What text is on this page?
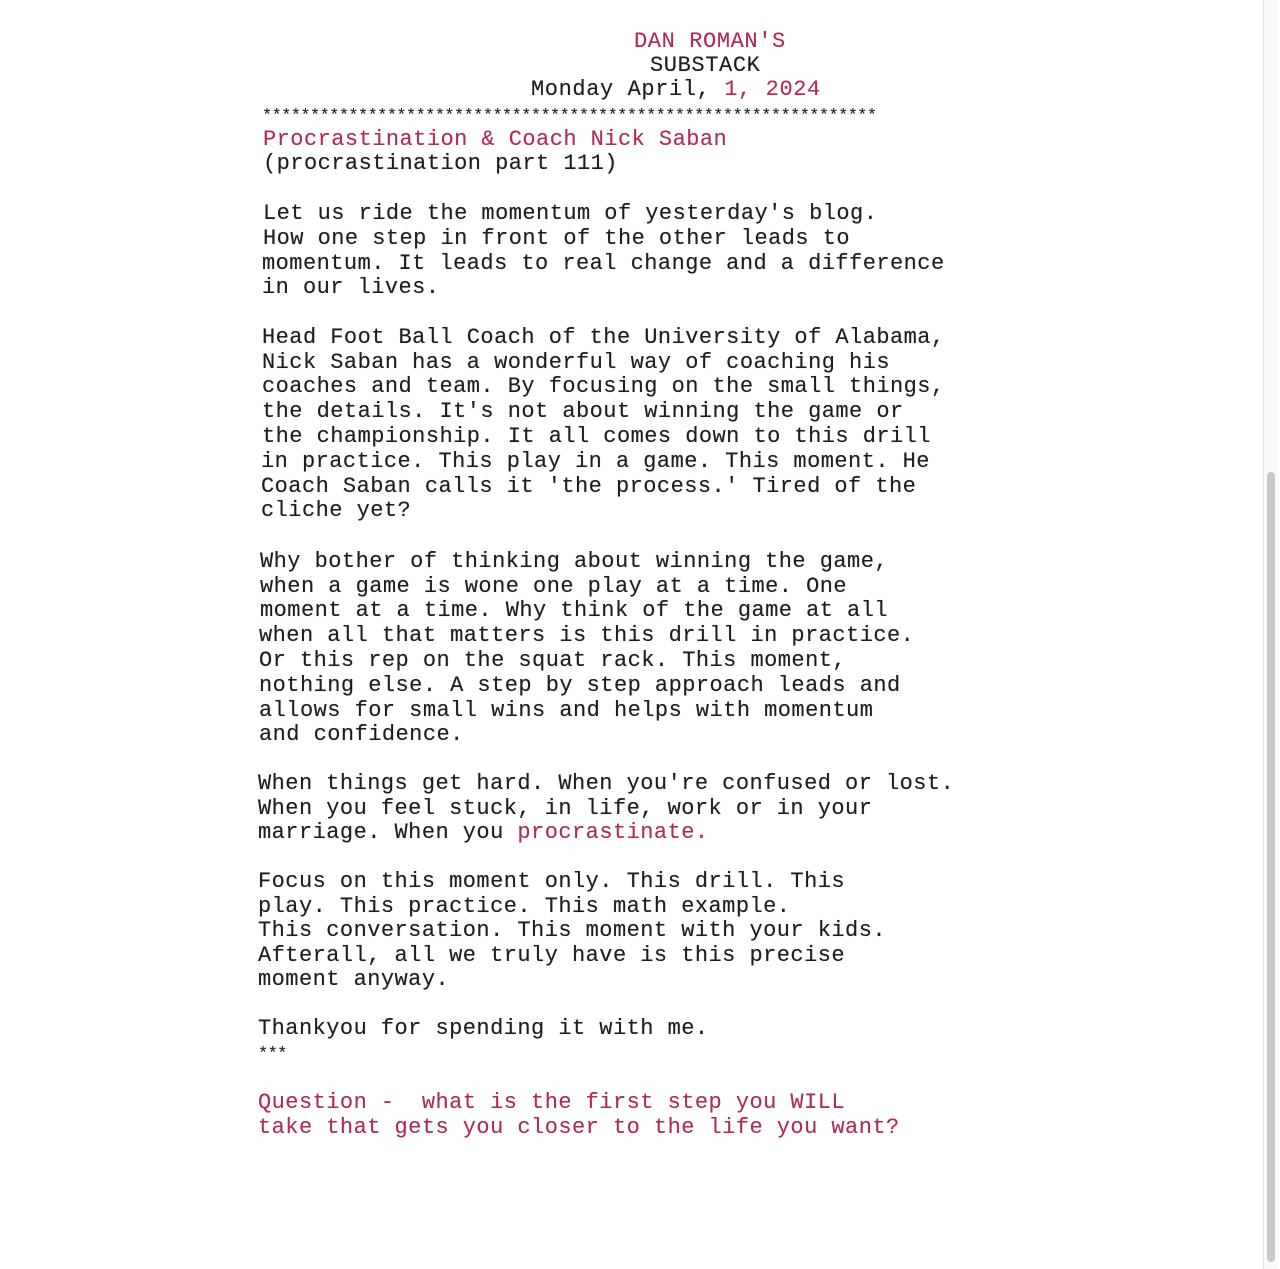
DAN ROMAN'S
SUBSTACK
Monday April, 1, 2024
****************************************************************
Procrastination & Coach Nick Saban
(procrastination part 111)
Let us ride the momentum of yesterday's blog.
How one step in front of the other leads to
momentum. It leads to real change and a difference
in our lives.
Head Foot Ball Coach of the University of Alabama,
Nick Saban has a wonderful way of coaching his
coaches and team. By focusing on the small things,
the details. It's not about winning the game or
the championship. It all comes down to this drill
in practice. This play in a game. This moment. He
Coach Saban calls it 'the process.' Tired of the
cliche yet?
Why bother of thinking about winning the game,
when a game is wone one play at a time. One
moment at a time. Why think of the game at all
when all that matters is this drill in practice.
Or this rep on the squat rack. This moment,
nothing else. A step by step approach leads and
allows for small wins and helps with momentum
and confidence.
When things get hard. When you're confused or lost.
When you feel stuck, in life, work or in your
marriage. When you procrastinate.
Focus on this moment only. This drill. This
play. This practice. This math example.
This conversation. This moment with your kids.
Afterall, all we truly have is this precise
moment anyway.
Thankyou for spending it with me.
***
Question -  what is the first step you WILL
take that gets you closer to the life you want?
